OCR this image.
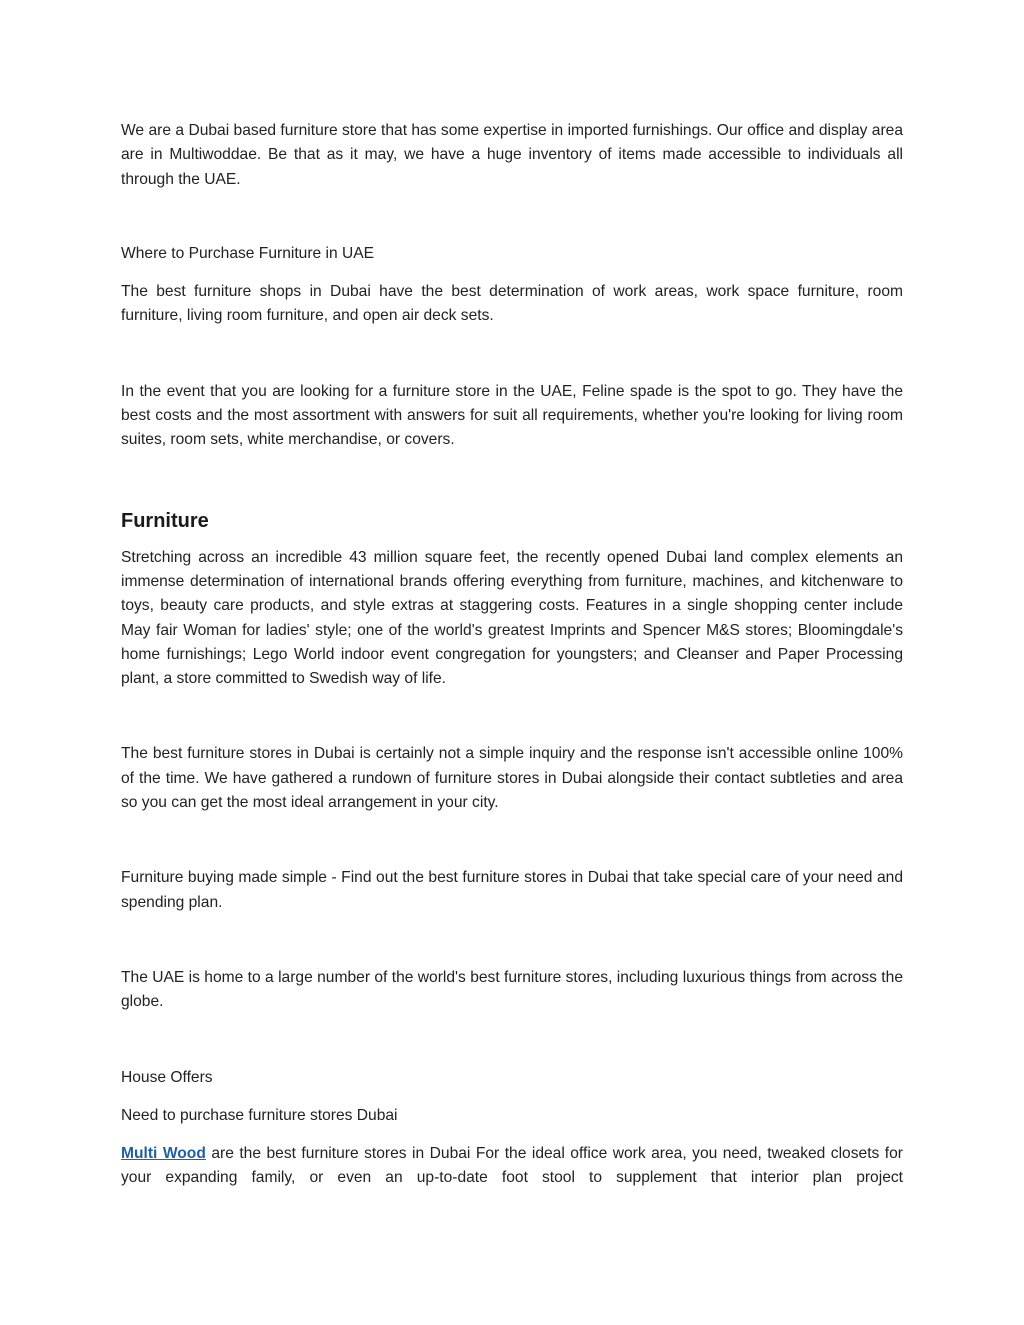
We are a Dubai based furniture store that has some expertise in imported furnishings. Our office and display area are in Multiwoddae. Be that as it may, we have a huge inventory of items made accessible to individuals all through the UAE.

Where to Purchase Furniture in UAE

The best furniture shops in Dubai have the best determination of work areas, work space furniture, room furniture, living room furniture, and open air deck sets.

In the event that you are looking for a furniture store in the UAE, Feline spade is the spot to go. They have the best costs and the most assortment with answers for suit all requirements, whether you're looking for living room suites, room sets, white merchandise, or covers.

Furniture

Stretching across an incredible 43 million square feet, the recently opened Dubai land complex elements an immense determination of international brands offering everything from furniture, machines, and kitchenware to toys, beauty care products, and style extras at staggering costs. Features in a single shopping center include May fair Woman for ladies' style; one of the world's greatest Imprints and Spencer M&S stores; Bloomingdale's home furnishings; Lego World indoor event congregation for youngsters; and Cleanser and Paper Processing plant, a store committed to Swedish way of life.

The best furniture stores in Dubai is certainly not a simple inquiry and the response isn't accessible online 100% of the time. We have gathered a rundown of furniture stores in Dubai alongside their contact subtleties and area so you can get the most ideal arrangement in your city.

Furniture buying made simple - Find out the best furniture stores in Dubai that take special care of your need and spending plan.

The UAE is home to a large number of the world's best furniture stores, including luxurious things from across the globe.

House Offers

Need to purchase furniture stores Dubai

Multi Wood are the best furniture stores in Dubai For the ideal office work area, you need, tweaked closets for your expanding family, or even an up-to-date foot stool to supplement that interior plan project
